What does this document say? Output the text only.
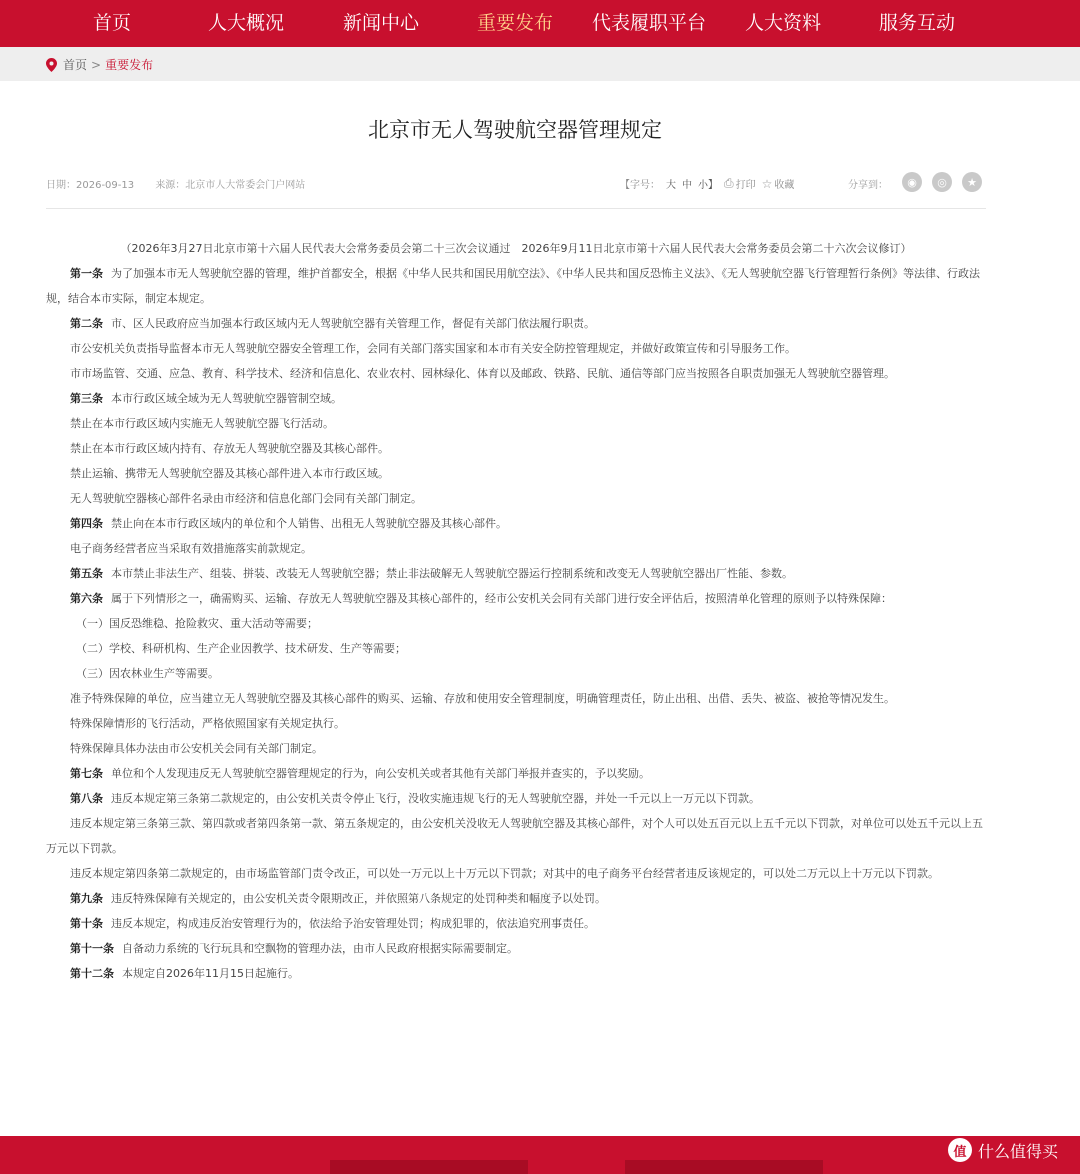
首页	人大概况	新闻中心	重要发布	代表履职平台	人大资料	服务互动
首页 > 重要发布
北京市无人驾驶航空器管理规定
日期：2026-09-13 来源：北京市人大常委会门户网站	【字号： 大 中 小】 ⎙ 打印 ☆ 收藏	分享到：	◉	◎	★

（2026年3月27日北京市第十六届人民代表大会常务委员会第二十三次会议通过　2026年9月11日北京市第十六届人民代表大会常务委员会第二十六次会议修订）

第一条 为了加强本市无人驾驶航空器的管理，维护首都安全，根据《中华人民共和国民用航空法》、《中华人民共和国反恐怖主义法》、《无人驾驶航空器飞行管理暂行条例》等法律、行政法规，结合本市实际，制定本规定。

第二条 市、区人民政府应当加强本行政区域内无人驾驶航空器有关管理工作，督促有关部门依法履行职责。

市公安机关负责指导监督本市无人驾驶航空器安全管理工作，会同有关部门落实国家和本市有关安全防控管理规定，并做好政策宣传和引导服务工作。

市市场监管、交通、应急、教育、科学技术、经济和信息化、农业农村、园林绿化、体育以及邮政、铁路、民航、通信等部门应当按照各自职责加强无人驾驶航空器管理。

第三条 本市行政区域全域为无人驾驶航空器管制空域。

禁止在本市行政区域内实施无人驾驶航空器飞行活动。

禁止在本市行政区域内持有、存放无人驾驶航空器及其核心部件。

禁止运输、携带无人驾驶航空器及其核心部件进入本市行政区域。

无人驾驶航空器核心部件名录由市经济和信息化部门会同有关部门制定。

第四条 禁止向在本市行政区域内的单位和个人销售、出租无人驾驶航空器及其核心部件。

电子商务经营者应当采取有效措施落实前款规定。

第五条 本市禁止非法生产、组装、拼装、改装无人驾驶航空器；禁止非法破解无人驾驶航空器运行控制系统和改变无人驾驶航空器出厂性能、参数。

第六条 属于下列情形之一，确需购买、运输、存放无人驾驶航空器及其核心部件的，经市公安机关会同有关部门进行安全评估后，按照清单化管理的原则予以特殊保障：

（一）国反恐维稳、抢险救灾、重大活动等需要；

（二）学校、科研机构、生产企业因教学、技术研发、生产等需要；

（三）因农林业生产等需要。

准予特殊保障的单位，应当建立无人驾驶航空器及其核心部件的购买、运输、存放和使用安全管理制度，明确管理责任，防止出租、出借、丢失、被盗、被抢等情况发生。

特殊保障情形的飞行活动，严格依照国家有关规定执行。

特殊保障具体办法由市公安机关会同有关部门制定。

第七条 单位和个人发现违反无人驾驶航空器管理规定的行为，向公安机关或者其他有关部门举报并查实的，予以奖励。

第八条 违反本规定第三条第二款规定的，由公安机关责令停止飞行，没收实施违规飞行的无人驾驶航空器，并处一千元以上一万元以下罚款。

违反本规定第三条第三款、第四款或者第四条第一款、第五条规定的，由公安机关没收无人驾驶航空器及其核心部件，对个人可以处五百元以上五千元以下罚款，对单位可以处五千元以上五万元以下罚款。

违反本规定第四条第二款规定的，由市场监管部门责令改正，可以处一万元以上十万元以下罚款；对其中的电子商务平台经营者违反该规定的，可以处二万元以上十万元以下罚款。

第九条 违反特殊保障有关规定的，由公安机关责令限期改正，并依照第八条规定的处罚种类和幅度予以处罚。

第十条 违反本规定，构成违反治安管理行为的，依法给予治安管理处罚；构成犯罪的，依法追究刑事责任。

第十一条 自备动力系统的飞行玩具和空飘物的管理办法，由市人民政府根据实际需要制定。

第十二条 本规定自2026年11月15日起施行。

值 什么值得买
